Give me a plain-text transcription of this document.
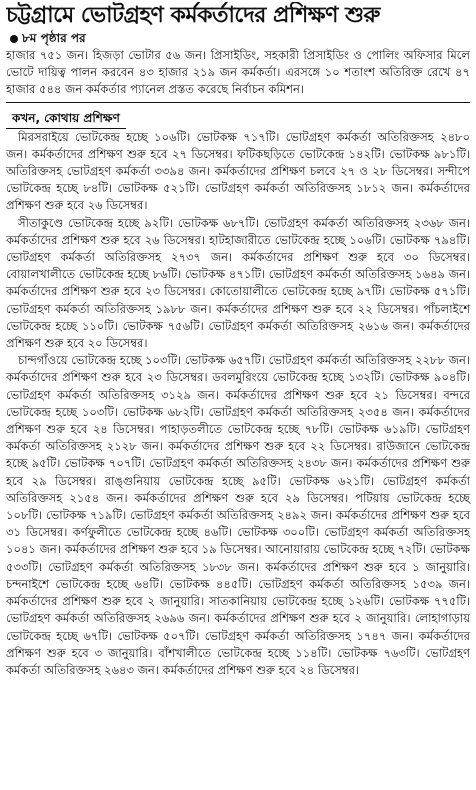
চট্টগ্রামে ভোটগ্রহণ কর্মকর্তাদের প্রশিক্ষণ শুরু
৮ম পৃষ্ঠার পর

হাজার ৭৫১ জন। হিজড়া ভোটার ৫৬ জন। প্রিসাইডিং, সহকারী প্রিসাইডিং ও পোলিং অফিসার মিলে ভোটে দায়িত্ব পালন করবেন ৪৩ হাজার ২১৯ জন কর্মকর্তা। এরসঙ্গে ১০ শতাংশ অতিরিক্ত রেখে ৪৭ হাজার ৫৪৪ জন কর্মকর্তার প্যানেল প্রস্তত করেছে নির্বাচন কমিশন।

কখন, কোথায় প্রশিক্ষণ

মিরসরাইয়ে ভোটকেন্দ্র হচ্ছে ১০৬টি। ভোটকক্ষ ৭১৭টি। ভোটগ্রহণ কর্মকর্তা অতিরিক্তসহ ২৪৮০ জন। কর্মকর্তাদের প্রশিক্ষণ শুরু হবে ২৭ ডিসেম্বর। ফটিকছড়িতে ভোটকেন্দ্র ১৪২টি। ভোটকক্ষ ৯৮১টি। অতিরিক্তসহ ভোটগ্রহণ কর্মকর্তা ৩৩৯৪ জন। কর্মকর্তাদের প্রশিক্ষণ চলবে ২৭ ও ২৮ ডিসেম্বর। সন্দীপে ভোটকেন্দ্র হচ্ছে ৮৪টি। ভোটকক্ষ ৫২১টি। ভোটগ্রহণ কর্মকর্তা অতিরিক্তসহ ১৮১২ জন। কর্মকর্তাদের প্রশিক্ষণ শুরু হবে ২৬ ডিসেম্বর।

সীতাকুণ্ডে ভোটকেন্দ্র হচ্ছে ৯২টি। ভোটকক্ষ ৬৮৭টি। ভোটগ্রহণ কর্মকর্তা অতিরিক্তসহ ২৩৬৮ জন। কর্মকর্তাদের প্রশিক্ষণ শুরু হবে ২৬ ডিসেম্বর। হাটহাজারীতে ভোটকেন্দ্র হচ্ছে ১০৬টি। ভোটকক্ষ ৭৯৪টি। ভোটগ্রহণ কর্মকর্তা অতিরিক্তসহ ২৭৩৭ জন। কর্মকর্তাদের প্রশিক্ষণ শুরু হবে ৩০ ডিসেম্বর। বোয়ালখালীতে ভোটকেন্দ্র হচ্ছে ৮৬টি। ভোটকক্ষ ৪৭১টি। ভোটগ্রহণ কর্মকর্তা অতিরিক্তসহ ১৬৪৯ জন। কর্মকর্তাদের প্রশিক্ষণ শুরু হবে ২৩ ডিসেম্বর। কোতোয়ালীতে ভোটকেন্দ্র হচ্ছে ৯৭টি। ভোটকক্ষ ৫৭১টি। ভোটগ্রহণ কর্মকর্তা অতিরিক্তসহ ১৯৮৮ জন। কর্মকর্তাদের প্রশিক্ষণ শুরু হবে ২২ ডিসেম্বর। পাঁচলাইশে ভোটকেন্দ্র হচ্ছে ১১০টি। ভোটকক্ষ ৭৫৬টি। ভোটগ্রহণ কর্মকর্তা অতিরিক্তসহ ২৬১৬ জন। কর্মকর্তাদের প্রশিক্ষণ শুরু হবে ২০ ডিসেম্বর।

চান্দগাঁওয়ে ভোটকেন্দ্র হচ্ছে ১০৩টি। ভোটকক্ষ ৬৫৭টি। ভোটগ্রহণ কর্মকর্তা অতিরিক্তসহ ২২৮৮ জন। কর্মকর্তাদের প্রশিক্ষণ শুরু হবে ২৩ ডিসেম্বর। ডবলমুরিংয়ে ভোটকেন্দ্র হচ্ছে ১৩২টি। ভোটকক্ষ ৯০৪টি। ভোটগ্রহণ কর্মকর্তা অতিরিক্তসহ ৩১২৯ জন। কর্মকর্তাদের প্রশিক্ষণ শুরু হবে ২১ ডিসেম্বর। বন্দরে ভোটকেন্দ্র হচ্ছে ১০৩টি। ভোটকক্ষ ৬৮২টি। ভোটগ্রহণ কর্মকর্তা অতিরিক্তসহ ২৩৫৪ জন। কর্মকর্তাদের প্রশিক্ষণ শুরু হবে ২৪ ডিসেম্বর। পাহাড়তলীতে ভোটকেন্দ্র হচ্ছে ৭৮টি। ভোটকক্ষ ৬১৯টি। ভোটগ্রহণ কর্মকর্তা অতিরিক্তসহ ২১২৮ জন। কর্মকর্তাদের প্রশিক্ষণ শুরু হবে ২২ ডিসেম্বর। রাউজানে ভোটকেন্দ্র হচ্ছে ৯৫টি। ভোটকক্ষ ৭০৭টি। ভোটগ্রহণ কর্মকর্তা অতিরিক্তসহ ২৪৩৮ জন। কর্মকর্তাদের প্রশিক্ষণ শুরু হবে ২৯ ডিসেম্বর। রাঙ্গুনিয়ায় ভোটকেন্দ্র হচ্ছে ৯৫টি। ভোটকক্ষ ৬২১টি। ভোটগ্রহণ কর্মকর্তা অতিরিক্তসহ ২১৫৪ জন। কর্মকর্তাদের প্রশিক্ষণ শুরু হবে ২৯ ডিসেম্বর। পটিয়ায় ভোটকেন্দ্র হচ্ছে ১০৮টি। ভোটকক্ষ ৭১৯টি। ভোটগ্রহণ কর্মকর্তা অতিরিক্তসহ ২৪৯২ জন। কর্মকর্তাদের প্রশিক্ষণ শুরু হবে ৩১ ডিসেম্বর। কর্ণফুলীতে ভোটকেন্দ্র হচ্ছে ৪৬টি। ভোটকক্ষ ৩০০টি। ভোটগ্রহণ কর্মকর্তা অতিরিক্তসহ ১০৪১ জন। কর্মকর্তাদের প্রশিক্ষণ শুরু হবে ১৯ ডিসেম্বর। আনোয়ারায় ভোটকেন্দ্র হচ্ছে ৭২টি। ভোটকক্ষ ৫৩৩টি। ভোটগ্রহণ কর্মকর্তা অতিরিক্তসহ ১৮৩৮ জন। কর্মকর্তাদের প্রশিক্ষণ শুরু হবে ১ জানুয়ারি। চন্দনাইশে ভোটকেন্দ্র হচ্ছে ৬৪টি। ভোটকক্ষ ৪৪৫টি। ভোটগ্রহণ কর্মকর্তা অতিরিক্তসহ ১৫৩৯ জন। কর্মকর্তাদের প্রশিক্ষণ শুরু হবে ২ জানুয়ারি। সাতকানিয়ায় ভোটকেন্দ্র হচ্ছে ১২৬টি। ভোটকক্ষ ৭৭৫টি। ভোটগ্রহণ কর্মকর্তা অতিরিক্তসহ ২৬৯৬ জন। কর্মকর্তাদের প্রশিক্ষণ শুরু হবে ২ জানুয়ারি। লোহাগাড়ায় ভোটকেন্দ্র হচ্ছে ৬৭টি। ভোটকক্ষ ৫০৭টি। ভোটগ্রহণ কর্মকর্তা অতিরিক্তসহ ১৭৪৭ জন। কর্মকর্তাদের প্রশিক্ষণ শুরু হবে ৩ জানুয়ারি। বাঁশখালীতে ভোটকেন্দ্র হচ্ছে ১১৪টি। ভোটকক্ষ ৭৬৩টি। ভোটগ্রহণ কর্মকর্তা অতিরিক্তসহ ২৬৪৩ জন। কর্মকর্তাদের প্রশিক্ষণ শুরু হবে ২৪ ডিসেম্বর।
